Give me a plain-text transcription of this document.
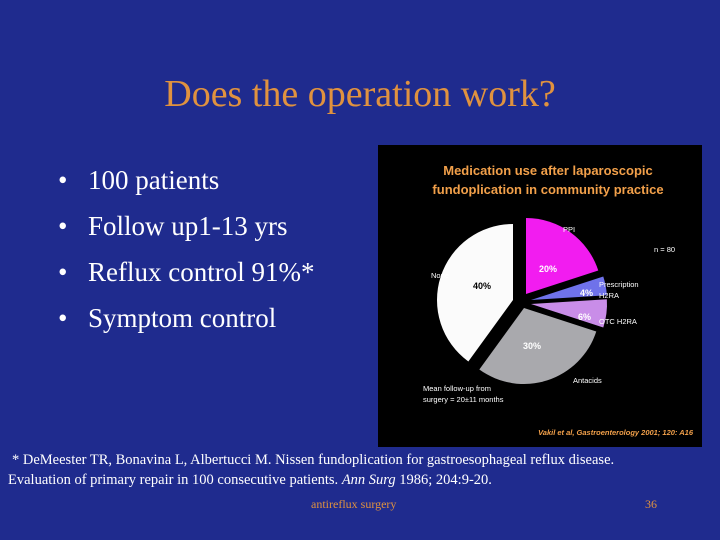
Does the operation work?
• 100 patients
• Follow up1-13 yrs
• Reflux control 91%*
• Symptom control
Medication use after laparoscopic
fundoplication in community practice
PPI
n = 80
Prescription
H2RA
OTC H2RA
Antacids
None
20%
4%
6%
30%
40%
Mean follow-up from
surgery = 20±11 months
Vakil et al, Gastroenterology 2001; 120: A16
* DeMeester TR, Bonavina L, Albertucci M. Nissen fundoplication for gastroesophageal reflux disease.
Evaluation of primary repair in 100 consecutive patients. Ann Surg 1986; 204:9-20.
antireflux surgery	36
